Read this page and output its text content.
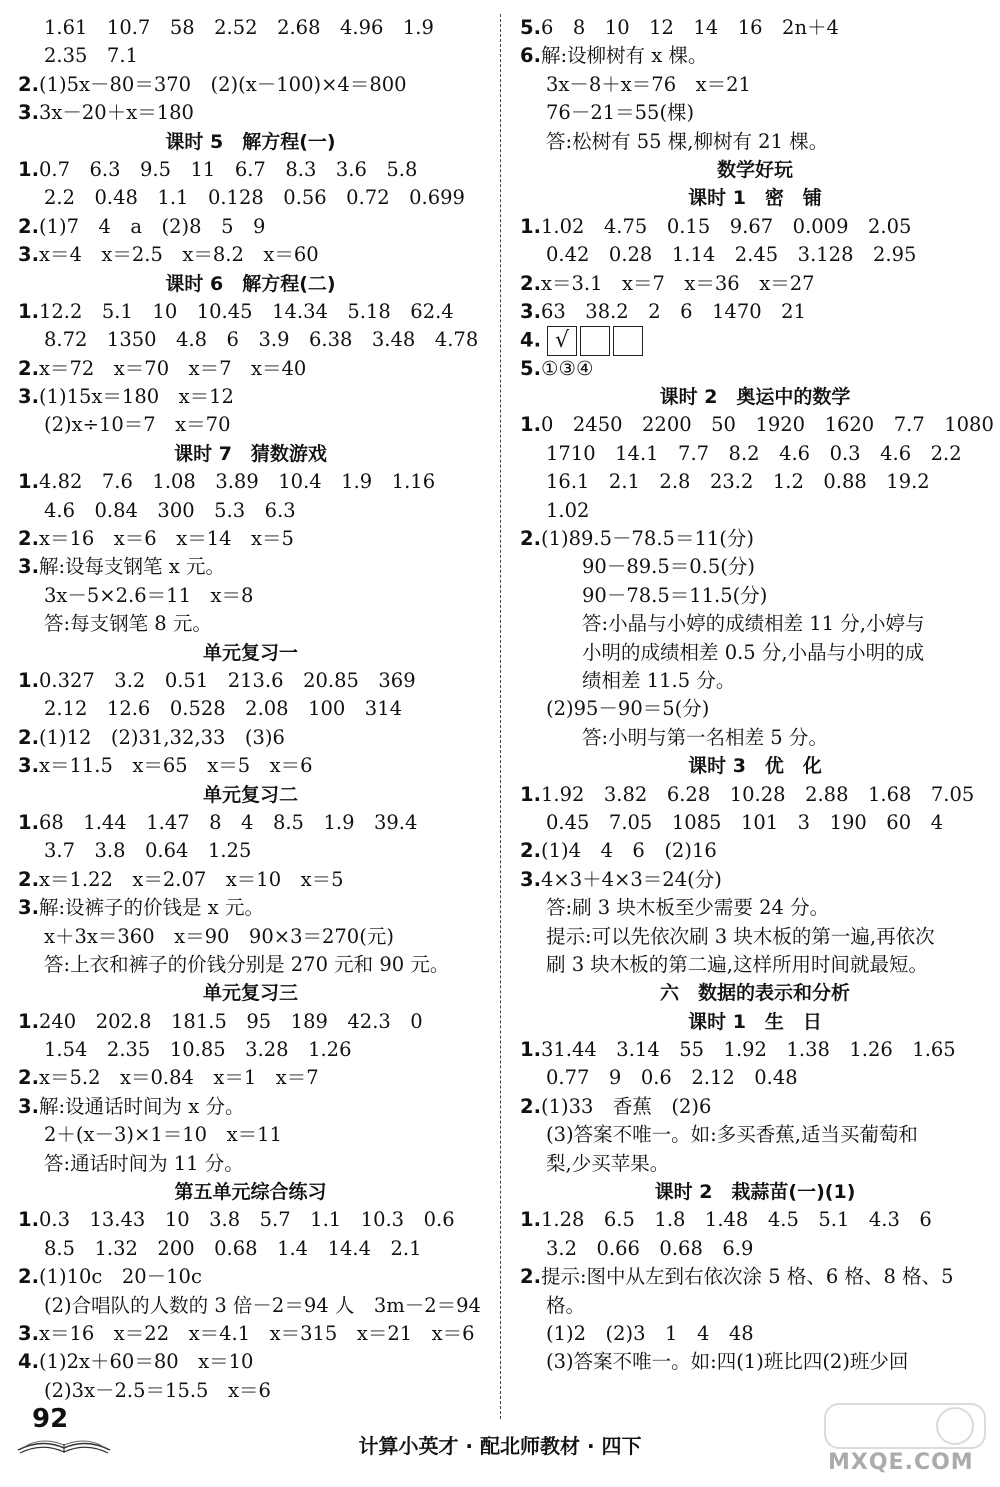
1.61　10.7　58　2.52　2.68　4.96　1.9
2.35　7.1
2.(1)5x－80＝370　(2)(x－100)×4＝800
3.3x－20＋x＝180
课时 5　解方程(一)
1.0.7　6.3　9.5　11　6.7　8.3　3.6　5.8
2.2　0.48　1.1　0.128　0.56　0.72　0.699
2.(1)7　4　a　(2)8　5　9
3.x＝4　x＝2.5　x＝8.2　x＝60
课时 6　解方程(二)
1.12.2　5.1　10　10.45　14.34　5.18　62.4
8.72　1350　4.8　6　3.9　6.38　3.48　4.78
2.x＝72　x＝70　x＝7　x＝40
3.(1)15x＝180　x＝12
(2)x÷10＝7　x＝70
课时 7　猜数游戏
1.4.82　7.6　1.08　3.89　10.4　1.9　1.16
4.6　0.84　300　5.3　6.3
2.x＝16　x＝6　x＝14　x＝5
3.解:设每支钢笔 x 元。
3x－5×2.6＝11　x＝8
答:每支钢笔 8 元。
单元复习一
1.0.327　3.2　0.51　213.6　20.85　369
2.12　12.6　0.528　2.08　100　314
2.(1)12　(2)31,32,33　(3)6
3.x＝11.5　x＝65　x＝5　x＝6
单元复习二
1.68　1.44　1.47　8　4　8.5　1.9　39.4
3.7　3.8　0.64　1.25
2.x＝1.22　x＝2.07　x＝10　x＝5
3.解:设裤子的价钱是 x 元。
x＋3x＝360　x＝90　90×3＝270(元)
答:上衣和裤子的价钱分别是 270 元和 90 元。
单元复习三
1.240　202.8　181.5　95　189　42.3　0
1.54　2.35　10.85　3.28　1.26
2.x＝5.2　x＝0.84　x＝1　x＝7
3.解:设通话时间为 x 分。
2＋(x－3)×1＝10　x＝11
答:通话时间为 11 分。
第五单元综合练习
1.0.3　13.43　10　3.8　5.7　1.1　10.3　0.6
8.5　1.32　200　0.68　1.4　14.4　2.1
2.(1)10c　20－10c
(2)合唱队的人数的 3 倍－2＝94 人　3m－2＝94
3.x＝16　x＝22　x＝4.1　x＝315　x＝21　x＝6
4.(1)2x＋60＝80　x＝10
(2)3x－2.5＝15.5　x＝6
5.6　8　10　12　14　16　2n＋4
6.解:设柳树有 x 棵。
3x－8＋x＝76　x＝21
76－21＝55(棵)
答:松树有 55 棵,柳树有 21 棵。
数学好玩
课时 1　密　铺
1.1.02　4.75　0.15　9.67　0.009　2.05
0.42　0.28　1.14　2.45　3.128　2.95
2.x＝3.1　x＝7　x＝36　x＝27
3.63　38.2　2　6　1470　21
4. √
5.①③④
课时 2　奥运中的数学
1.0　2450　2200　50　1920　1620　7.7　1080
1710　14.1　7.7　8.2　4.6　0.3　4.6　2.2
16.1　2.1　2.8　23.2　1.2　0.88　19.2
1.02
2.(1)89.5－78.5＝11(分)
90－89.5＝0.5(分)
90－78.5＝11.5(分)
答:小晶与小婷的成绩相差 11 分,小婷与
小明的成绩相差 0.5 分,小晶与小明的成
绩相差 11.5 分。
(2)95－90＝5(分)
答:小明与第一名相差 5 分。
课时 3　优　化
1.1.92　3.82　6.28　10.28　2.88　1.68　7.05
0.45　7.05　1085　101　3　190　60　4
2.(1)4　4　6　(2)16
3.4×3＋4×3＝24(分)
答:刷 3 块木板至少需要 24 分。
提示:可以先依次刷 3 块木板的第一遍,再依次
刷 3 块木板的第二遍,这样所用时间就最短。
六　数据的表示和分析
课时 1　生　日
1.31.44　3.14　55　1.92　1.38　1.26　1.65
0.77　9　0.6　2.12　0.48
2.(1)33　香蕉　(2)6
(3)答案不唯一。如:多买香蕉,适当买葡萄和
梨,少买苹果。
课时 2　栽蒜苗(一)(1)
1.1.28　6.5　1.8　1.48　4.5　5.1　4.3　6
3.2　0.66　0.68　6.9
2.提示:图中从左到右依次涂 5 格、6 格、8 格、5
格。
(1)2　(2)3　1　4　48
(3)答案不唯一。如:四(1)班比四(2)班少回
92
计算小英才 · 配北师教材 · 四下
MXQE.COM
